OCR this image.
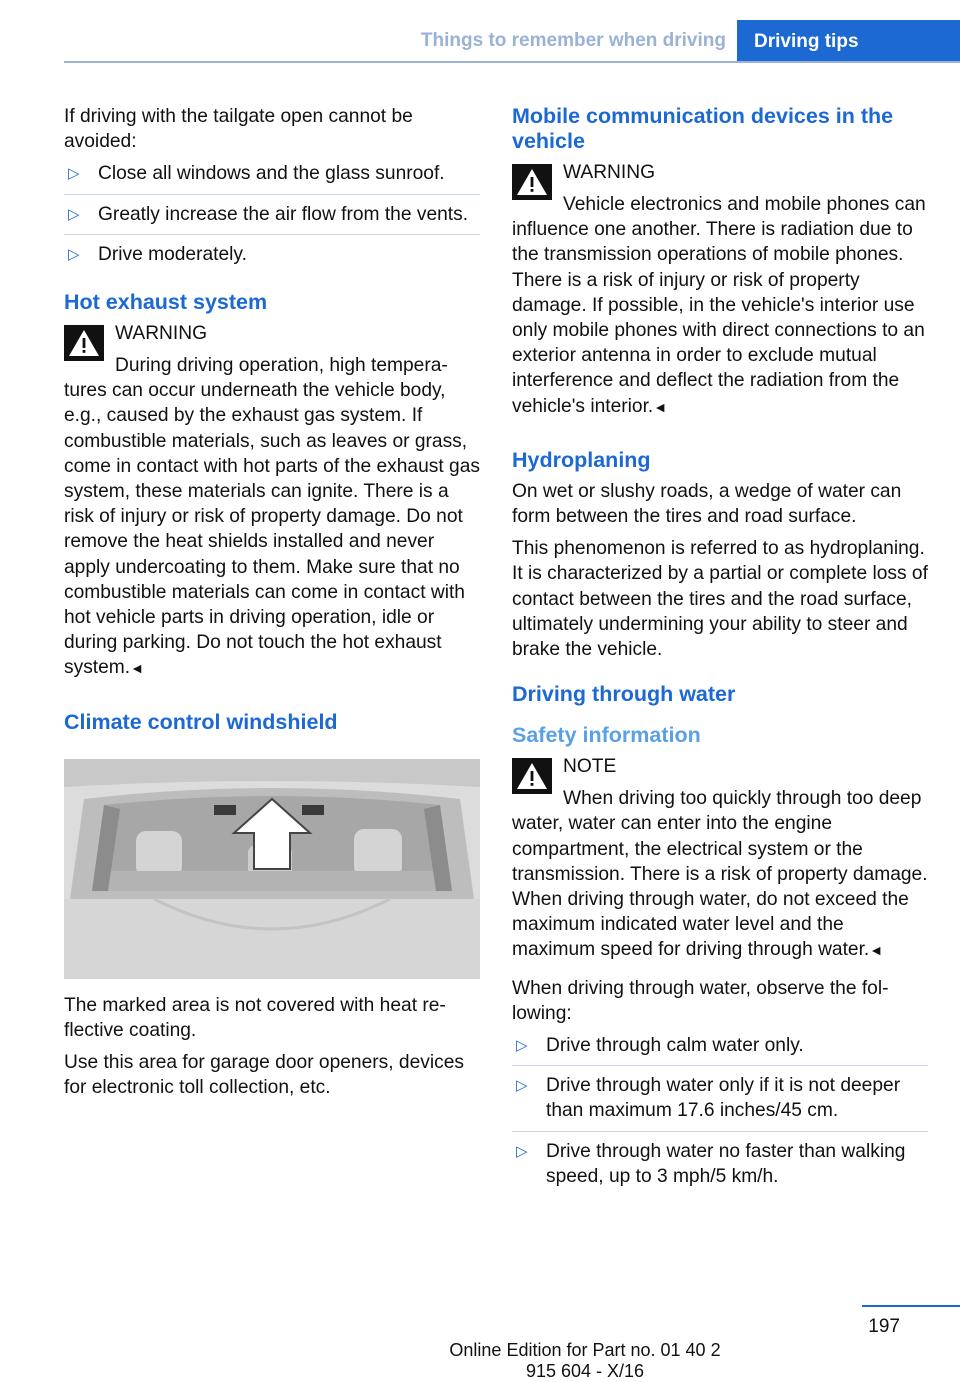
Things to remember when driving	Driving tips

If driving with the tailgate open cannot be avoided:

▷ Close all windows and the glass sunroof.
▷ Greatly increase the air flow from the vents.
▷ Drive moderately.
Hot exhaust system
WARNING

During driving operation, high temperatures can occur underneath the vehicle body, e.g., caused by the exhaust gas system. If combustible materials, such as leaves or grass, come in contact with hot parts of the exhaust gas system, these materials can ignite. There is a risk of injury or risk of property damage. Do not remove the heat shields installed and never apply undercoating to them. Make sure that no combustible materials can come in contact with hot vehicle parts in driving operation, idle or during parking. Do not touch the hot exhaust system.◄

Climate control windshield

The marked area is not covered with heat reflective coating.

Use this area for garage door openers, devices for electronic toll collection, etc.

Mobile communication devices in the vehicle
WARNING

Vehicle electronics and mobile phones can influence one another. There is radiation due to the transmission operations of mobile phones. There is a risk of injury or risk of property damage. If possible, in the vehicle's interior use only mobile phones with direct connections to an exterior antenna in order to exclude mutual interference and deflect the radiation from the vehicle's interior.◄

Hydroplaning

On wet or slushy roads, a wedge of water can form between the tires and road surface.

This phenomenon is referred to as hydroplaning. It is characterized by a partial or complete loss of contact between the tires and the road surface, ultimately undermining your ability to steer and brake the vehicle.

Driving through water
Safety information
NOTE

When driving too quickly through too deep water, water can enter into the engine compartment, the electrical system or the transmission. There is a risk of property damage. When driving through water, do not exceed the maximum indicated water level and the maximum speed for driving through water.◄

When driving through water, observe the following:

▷ Drive through calm water only.
▷ Drive through water only if it is not deeper than maximum 17.6 inches/45 cm.
▷ Drive through water no faster than walking speed, up to 3 mph/5 km/h.
197
Online Edition for Part no. 01 40 2 915 604 - X/16
